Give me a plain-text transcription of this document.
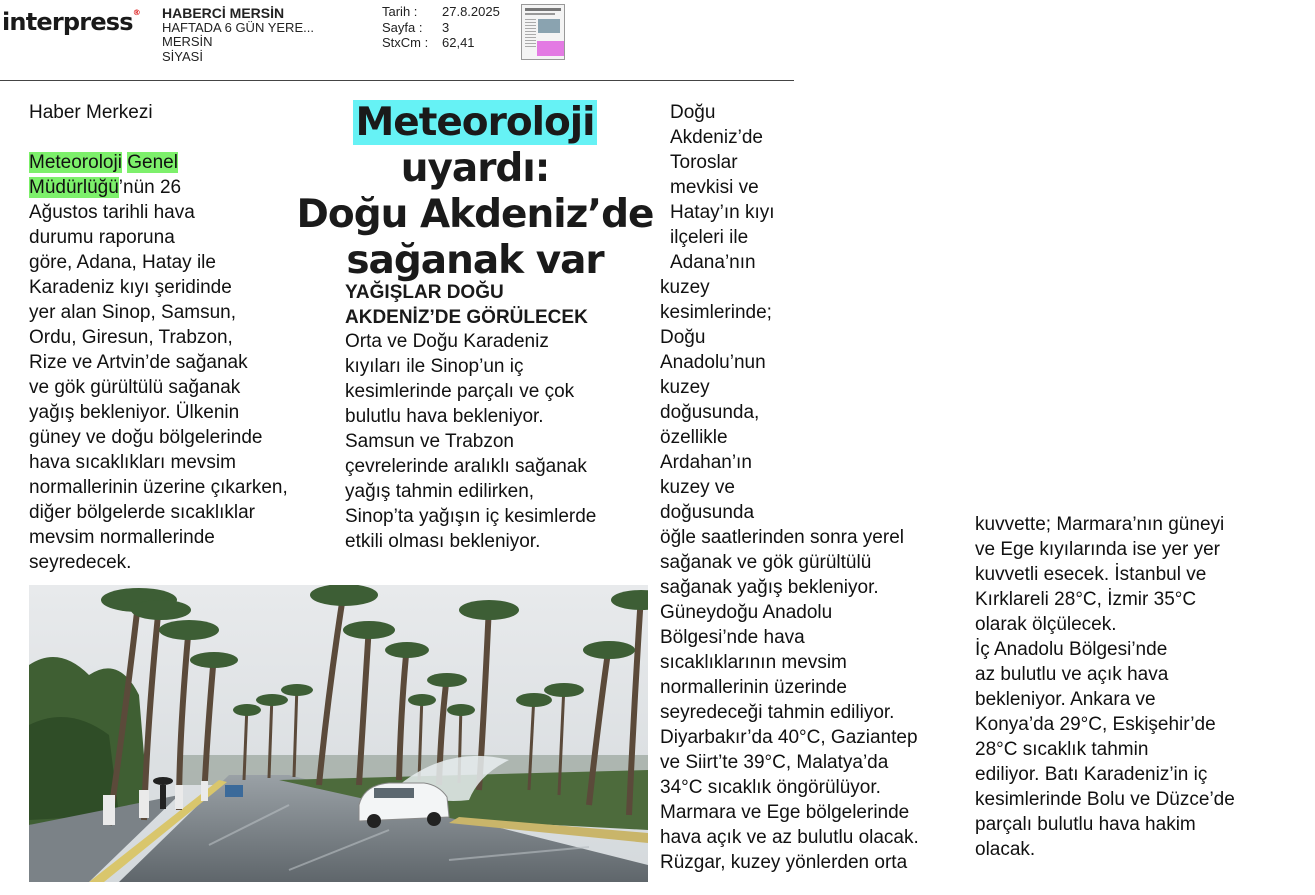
interpress® HABERCİ MERSİN
HAFTADA 6 GÜN YERE...
MERSİN
SİYASİ
Tarih :	27.8.2025
Sayfa :	3
StxCm :	62,41
Haber Merkezi	Meteoroloji uyardı:
Doğu Akdeniz’de
sağanak var
Meteoroloji Genel
Müdürlüğü’nün 26
Ağustos tarihli hava
durumu raporuna
göre, Adana, Hatay ile
Karadeniz kıyı şeridinde
yer alan Sinop, Samsun,
Ordu, Giresun, Trabzon,
Rize ve Artvin’de sağanak
ve gök gürültülü sağanak
yağış bekleniyor. Ülkenin
güney ve doğu bölgelerinde
hava sıcaklıkları mevsim
normallerinin üzerine çıkarken,
diğer bölgelerde sıcaklıklar
mevsim normallerinde
seyredecek.
YAĞIŞLAR DOĞU
AKDENİZ’DE GÖRÜLECEK
Orta ve Doğu Karadeniz
kıyıları ile Sinop’un iç
kesimlerinde parçalı ve çok
bulutlu hava bekleniyor.
Samsun ve Trabzon
çevrelerinde aralıklı sağanak
yağış tahmin edilirken,
Sinop’ta yağışın iç kesimlerde
etkili olması bekleniyor.
Doğu
Akdeniz’de
Toroslar
mevkisi ve
Hatay’ın kıyı
ilçeleri ile
Adana’nın
kuzey
kesimlerinde;
Doğu
Anadolu’nun
kuzey
doğusunda,
özellikle
Ardahan’ın
kuzey ve
doğusunda
öğle saatlerinden sonra yerel
sağanak ve gök gürültülü
sağanak yağış bekleniyor.
Güneydoğu Anadolu
Bölgesi’nde hava
sıcaklıklarının mevsim
normallerinin üzerinde
seyredeceği tahmin ediliyor.
Diyarbakır’da 40°C, Gaziantep
ve Siirt’te 39°C, Malatya’da
34°C sıcaklık öngörülüyor.
Marmara ve Ege bölgelerinde
hava açık ve az bulutlu olacak.
Rüzgar, kuzey yönlerden orta
kuvvette; Marmara’nın güneyi
ve Ege kıyılarında ise yer yer
kuvvetli esecek. İstanbul ve
Kırklareli 28°C, İzmir 35°C
olarak ölçülecek.
İç Anadolu Bölgesi’nde
az bulutlu ve açık hava
bekleniyor. Ankara ve
Konya’da 29°C, Eskişehir’de
28°C sıcaklık tahmin
ediliyor. Batı Karadeniz’in iç
kesimlerinde Bolu ve Düzce’de
parçalı bulutlu hava hakim
olacak.
